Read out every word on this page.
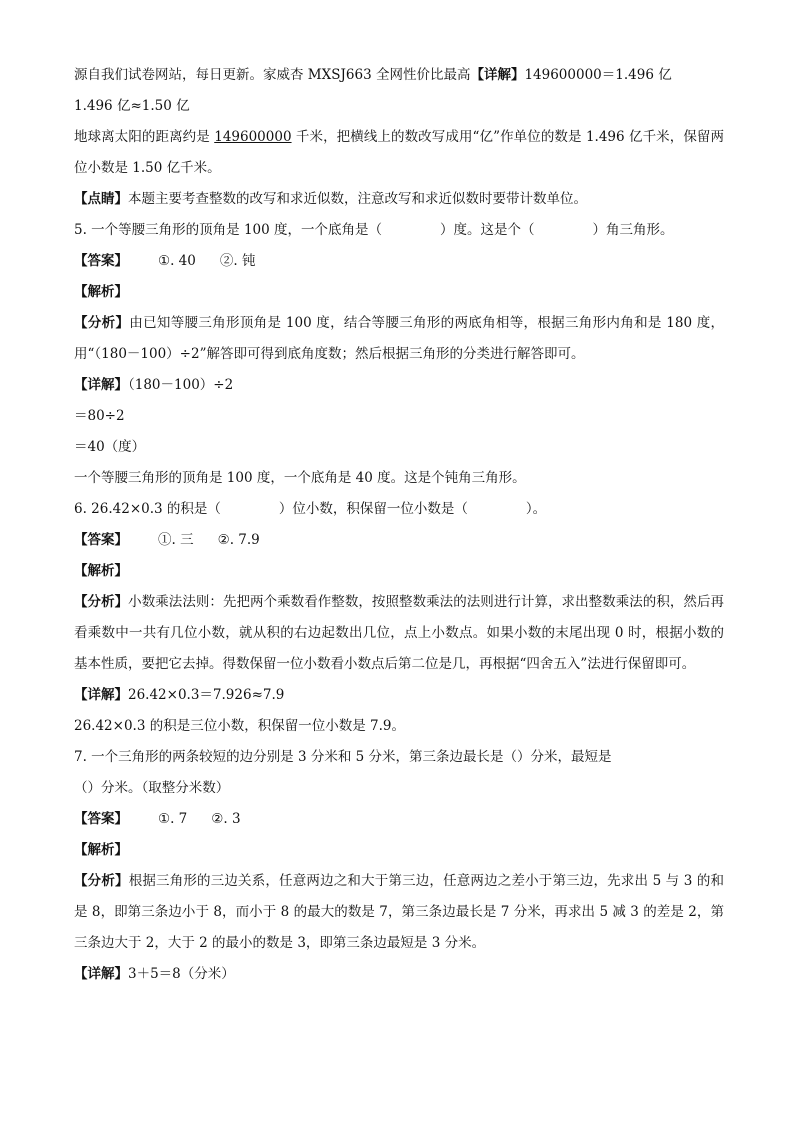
源自我们试卷网站，每日更新。家威杏 MXSJ663 全网性价比最高【详解】149600000＝1.496 亿
1.496 亿≈1.50 亿
地球离太阳的距离约是 149600000 千米，把横线上的数改写成用“亿”作单位的数是 1.496 亿千米，保留两位小数是 1.50 亿千米。
【点睛】本题主要考查整数的改写和求近似数，注意改写和求近似数时要带计数单位。
5. 一个等腰三角形的顶角是 100 度，一个底角是（	）度。这是个（	）角三角形。
【答案】 ①. 40 ②. 钝
【解析】
【分析】由已知等腰三角形顶角是 100 度，结合等腰三角形的两底角相等，根据三角形内角和是 180 度，用“（180－100）÷2”解答即可得到底角度数；然后根据三角形的分类进行解答即可。
【详解】（180－100）÷2
＝80÷2
＝40（度）
一个等腰三角形的顶角是 100 度，一个底角是 40 度。这是个钝角三角形。
6. 26.42×0.3 的积是（	）位小数，积保留一位小数是（	）。
【答案】 ①. 三 ②. 7.9
【解析】
【分析】小数乘法法则：先把两个乘数看作整数，按照整数乘法的法则进行计算，求出整数乘法的积，然后再看乘数中一共有几位小数，就从积的右边起数出几位，点上小数点。如果小数的末尾出现 0 时，根据小数的基本性质，要把它去掉。得数保留一位小数看小数点后第二位是几，再根据“四舍五入”法进行保留即可。
【详解】26.42×0.3＝7.926≈7.9
26.42×0.3 的积是三位小数，积保留一位小数是 7.9。
7. 一个三角形的两条较短的边分别是 3 分米和 5 分米，第三条边最长是（）分米，最短是
（）分米。（取整分米数）
【答案】 ①. 7 ②. 3
【解析】
【分析】根据三角形的三边关系，任意两边之和大于第三边，任意两边之差小于第三边，先求出 5 与 3 的和是 8，即第三条边小于 8，而小于 8 的最大的数是 7，第三条边最长是 7 分米，再求出 5 减 3 的差是 2，第三条边大于 2，大于 2 的最小的数是 3，即第三条边最短是 3 分米。
【详解】3＋5＝8（分米）
